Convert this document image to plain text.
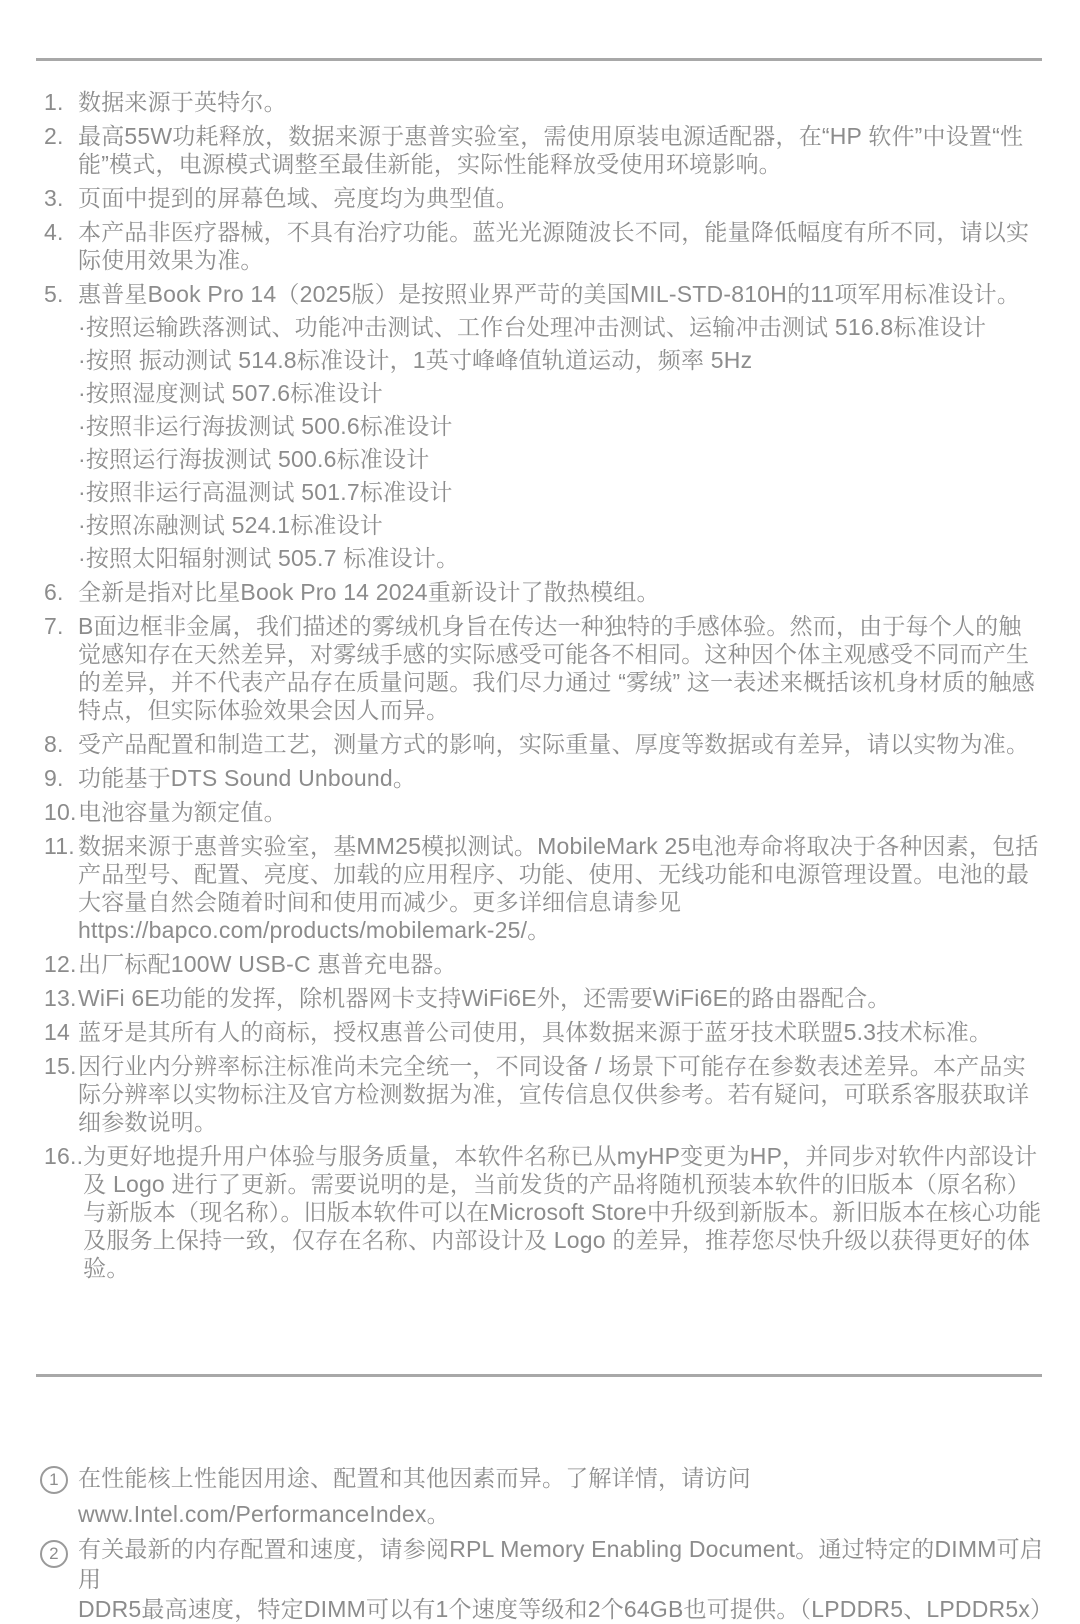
1. 数据来源于英特尔。
2. 最高55W功耗释放，数据来源于惠普实验室，需使用原装电源适配器，在“HP 软件”中设置“性能”模式，电源模式调整至最佳新能，实际性能释放受使用环境影响。
3. 页面中提到的屏幕色域、亮度均为典型值。
4. 本产品非医疗器械，不具有治疗功能。蓝光光源随波长不同，能量降低幅度有所不同，请以实际使用效果为准。
5. 惠普星Book Pro 14（2025版）是按照业界严苛的美国MIL-STD-810H的11项军用标准设计。
·按照运输跌落测试、功能冲击测试、工作台处理冲击测试、运输冲击测试 516.8标准设计
·按照 振动测试 514.8标准设计，1英寸峰峰值轨道运动，频率 5Hz
·按照湿度测试 507.6标准设计
·按照非运行海拔测试 500.6标准设计
·按照运行海拔测试 500.6标准设计
·按照非运行高温测试 501.7标准设计
·按照冻融测试 524.1标准设计
·按照太阳辐射测试 505.7 标准设计。
6. 全新是指对比星Book Pro 14 2024重新设计了散热模组。
7. B面边框非金属，我们描述的雾绒机身旨在传达一种独特的手感体验。然而，由于每个人的触觉感知存在天然差异，对雾绒手感的实际感受可能各不相同。这种因个体主观感受不同而产生的差异，并不代表产品存在质量问题。我们尽力通过 “雾绒” 这一表述来概括该机身材质的触感特点，但实际体验效果会因人而异。
8. 受产品配置和制造工艺，测量方式的影响，实际重量、厚度等数据或有差异，请以实物为准。
9. 功能基于DTS Sound Unbound。
10. 电池容量为额定值。
11. 数据来源于惠普实验室，基MM25模拟测试。MobileMark 25电池寿命将取决于各种因素，包括产品型号、配置、亮度、加载的应用程序、功能、使用、无线功能和电源管理设置。电池的最大容量自然会随着时间和使用而减少。更多详细信息请参见https://bapco.com/products/mobilemark-25/。
12. 出厂标配100W USB-C 惠普充电器。
13. WiFi 6E功能的发挥，除机器网卡支持WiFi6E外，还需要WiFi6E的路由器配合。
14 蓝牙是其所有人的商标，授权惠普公司使用，具体数据来源于蓝牙技术联盟5.3技术标准。
15. 因行业内分辨率标注标准尚未完全统一，不同设备 / 场景下可能存在参数表述差异。本产品实际分辨率以实物标注及官方检测数据为准，宣传信息仅供参考。若有疑问，可联系客服获取详细参数说明。
16.. 为更好地提升用户体验与服务质量，本软件名称已从myHP变更为HP，并同步对软件内部设计及 Logo 进行了更新。需要说明的是，当前发货的产品将随机预装本软件的旧版本（原名称）与新版本（现名称）。旧版本软件可以在Microsoft Store中升级到新版本。新旧版本在核心功能及服务上保持一致，仅存在名称、内部设计及 Logo 的差异，推荐您尽快升级以获得更好的体验。
1 在性能核上性能因用途、配置和其他因素而异。了解详情，请访问
www.Intel.com/PerformanceIndex。
2 有关最新的内存配置和速度，请参阅RPL Memory Enabling Document。通过特定的DIMM可启用
DDR5最高速度，特定DIMM可以有1个速度等级和2个64GB也可提供。（LPDDR5、LPDDR5x）
